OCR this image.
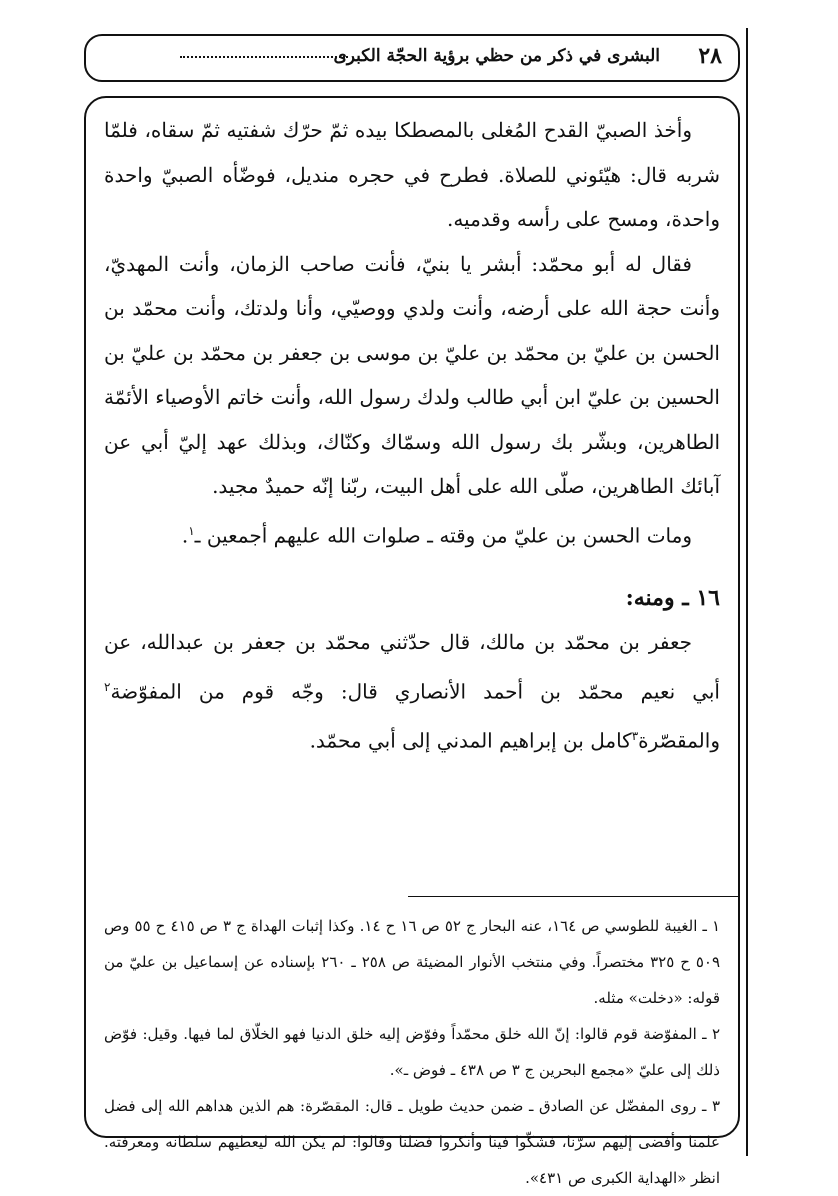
٢٨
البشرى في ذكر من حظي برؤية الحجّة الكبرى

وأخذ الصبيّ القدح المُغلى بالمصطكا بيده ثمّ حرّك شفتيه ثمّ سقاه، فلمّا شربه قال: هيّئوني للصلاة. فطرح في حجره منديل، فوضّأه الصبيّ واحدة واحدة، ومسح على رأسه وقدميه.

فقال له أبو محمّد: أبشر يا بنيّ، فأنت صاحب الزمان، وأنت المهديّ، وأنت حجة الله على أرضه، وأنت ولدي ووصيّي، وأنا ولدتك، وأنت محمّد بن الحسن بن عليّ بن محمّد بن عليّ بن موسى بن جعفر بن محمّد بن عليّ بن الحسين بن عليّ ابن أبي طالب ولدك رسول الله، وأنت خاتم الأوصياء الأئمّة الطاهرين، وبشّر بك رسول الله وسمّاك وكنّاك، وبذلك عهد إليّ أبي عن آبائك الطاهرين، صلّى الله على أهل البيت، ربّنا إنّه حميدٌ مجيد.

ومات الحسن بن عليّ من وقته ـ صلوات الله عليهم أجمعين ـ$^١$.

١٦ ـ ومنه:

جعفر بن محمّد بن مالك، قال حدّثني محمّد بن جعفر بن عبدالله، عن أبي نعيم محمّد بن أحمد الأنصاري قال: وجّه قوم من المفوّضة$^٢$ والمقصّرة$^٣$كامل بن إبراهيم المدني إلى أبي محمّد.

١ ـ الغيبة للطوسي ص ١٦٤، عنه البحار ج ٥٢ ص ١٦ ح ١٤. وكذا إثبات الهداة ج ٣ ص ٤١٥ ح ٥٥ وص ٥٠٩ ح ٣٢٥ مختصراً. وفي منتخب الأنوار المضيئة ص ٢٥٨ ـ ٢٦٠ بإسناده عن إسماعيل بن عليّ من قوله: «دخلت» مثله.

٢ ـ المفوّضة قوم قالوا: إنّ الله خلق محمّداً وفوّض إليه خلق الدنيا فهو الخلّاق لما فيها. وقيل: فوّض ذلك إلى عليّ «مجمع البحرين ج ٣ ص ٤٣٨ ـ فوض ـ».

٣ ـ روى المفضّل عن الصادق ـ ضمن حديث طويل ـ قال: المقصّرة: هم الذين هداهم الله إلى فضل علمنا وأفضى إليهم سرّنا، فشكّوا فينا وأنكروا فضلنا وقالوا: لم يكن الله ليعطيهم سلطانه ومعرفته. انظر «الهداية الكبرى ص ٤٣١».
